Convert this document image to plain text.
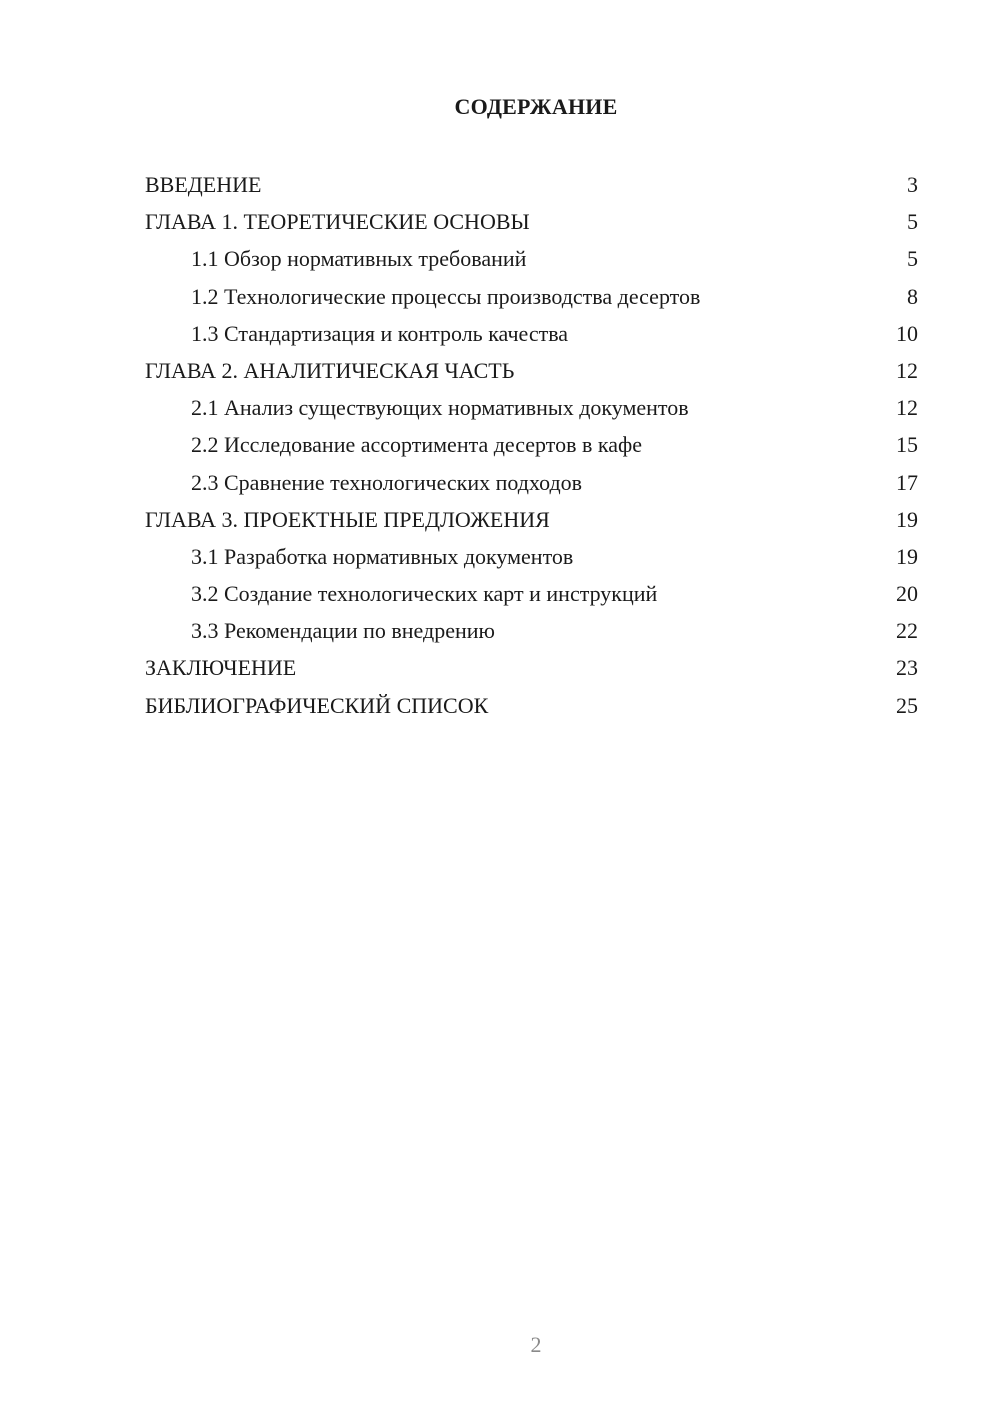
СОДЕРЖАНИЕ
ВВЕДЕНИЕ	3
ГЛАВА 1. ТЕОРЕТИЧЕСКИЕ ОСНОВЫ	5
1.1 Обзор нормативных требований	5
1.2 Технологические процессы производства десертов	8
1.3 Стандартизация и контроль качества	10
ГЛАВА 2. АНАЛИТИЧЕСКАЯ ЧАСТЬ	12
2.1 Анализ существующих нормативных документов	12
2.2 Исследование ассортимента десертов в кафе	15
2.3 Сравнение технологических подходов	17
ГЛАВА 3. ПРОЕКТНЫЕ ПРЕДЛОЖЕНИЯ	19
3.1 Разработка нормативных документов	19
3.2 Создание технологических карт и инструкций	20
3.3 Рекомендации по внедрению	22
ЗАКЛЮЧЕНИЕ	23
БИБЛИОГРАФИЧЕСКИЙ СПИСОК	25
2
